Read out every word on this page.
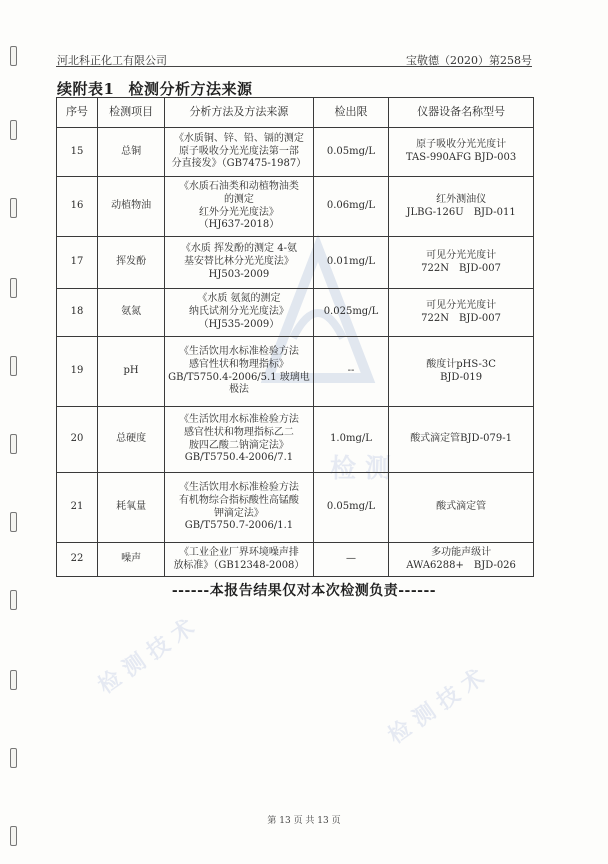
检 测
检 测 技 术
检 测 技 术
河北科正化工有限公司	宝敬德（2020）第258号
续附表1 检测分析方法来源
序号	检测项目	分析方法及方法来源	检出限	仪器设备名称型号
15	总铜	《水质铜、锌、铅、镉的测定
原子吸收分光光度法第一部
分直接发》（GB7475-1987）	0.05mg/L	原子吸收分光光度计
TAS-990AFG BJD-003

16	动植物油	《水质石油类和动植物油类
的测定
红外分光光度法》
（HJ637-2018）	0.06mg/L	红外测油仪
JLBG-126U　BJD-011

17	挥发酚	《水质 挥发酚的测定 4-氨
基安替比林分光光度法》
HJ503-2009	0.01mg/L	可见分光光度计
722N　BJD-007

18	氨氮	《水质 氨氮的测定
纳氏试剂分光光度法》
（HJ535-2009）	0.025mg/L	可见分光光度计
722N　BJD-007

19	pH	《生活饮用水标准检验方法
感官性状和物理指标》
GB/T5750.4-2006/5.1 玻璃电
极法	--	酸度计pHS-3C
BJD-019

20	总硬度	《生活饮用水标准检验方法
感官性状和物理指标乙二
胺四乙酸二钠滴定法》
GB/T5750.4-2006/7.1	1.0mg/L	酸式滴定管BJD-079-1

21	耗氧量	《生活饮用水标准检验方法
有机物综合指标酸性高锰酸
钾滴定法》
GB/T5750.7-2006/1.1	0.05mg/L	酸式滴定管

22	噪声	《工业企业厂界环境噪声排
放标准》（GB12348-2008）	—	多功能声级计
AWA6288+　BJD-026
------本报告结果仅对本次检测负责------
第 13 页 共 13 页
